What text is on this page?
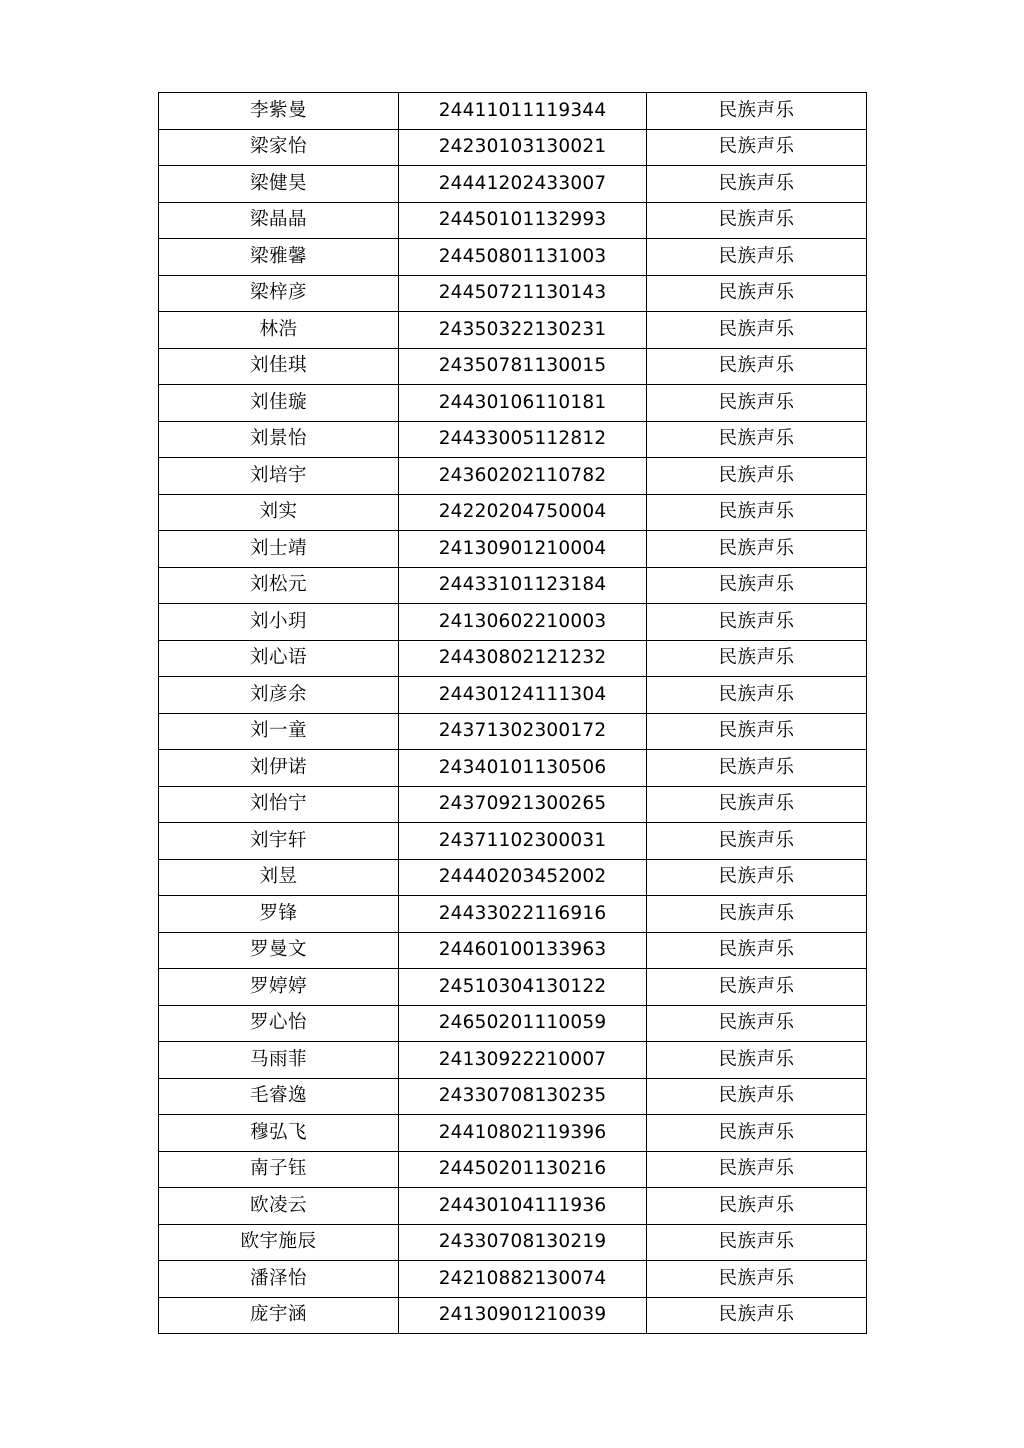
李紫曼	24411011119344	民族声乐
梁家怡	24230103130021	民族声乐
梁健昊	24441202433007	民族声乐
梁晶晶	24450101132993	民族声乐
梁雅馨	24450801131003	民族声乐
梁梓彦	24450721130143	民族声乐
林浩	24350322130231	民族声乐
刘佳琪	24350781130015	民族声乐
刘佳璇	24430106110181	民族声乐
刘景怡	24433005112812	民族声乐
刘培宇	24360202110782	民族声乐
刘实	24220204750004	民族声乐
刘士靖	24130901210004	民族声乐
刘松元	24433101123184	民族声乐
刘小玥	24130602210003	民族声乐
刘心语	24430802121232	民族声乐
刘彦余	24430124111304	民族声乐
刘一童	24371302300172	民族声乐
刘伊诺	24340101130506	民族声乐
刘怡宁	24370921300265	民族声乐
刘宇轩	24371102300031	民族声乐
刘昱	24440203452002	民族声乐
罗锋	24433022116916	民族声乐
罗曼文	24460100133963	民族声乐
罗婷婷	24510304130122	民族声乐
罗心怡	24650201110059	民族声乐
马雨菲	24130922210007	民族声乐
毛睿逸	24330708130235	民族声乐
穆弘飞	24410802119396	民族声乐
南子钰	24450201130216	民族声乐
欧凌云	24430104111936	民族声乐
欧宇施辰	24330708130219	民族声乐
潘泽怡	24210882130074	民族声乐
庞宇涵	24130901210039	民族声乐
